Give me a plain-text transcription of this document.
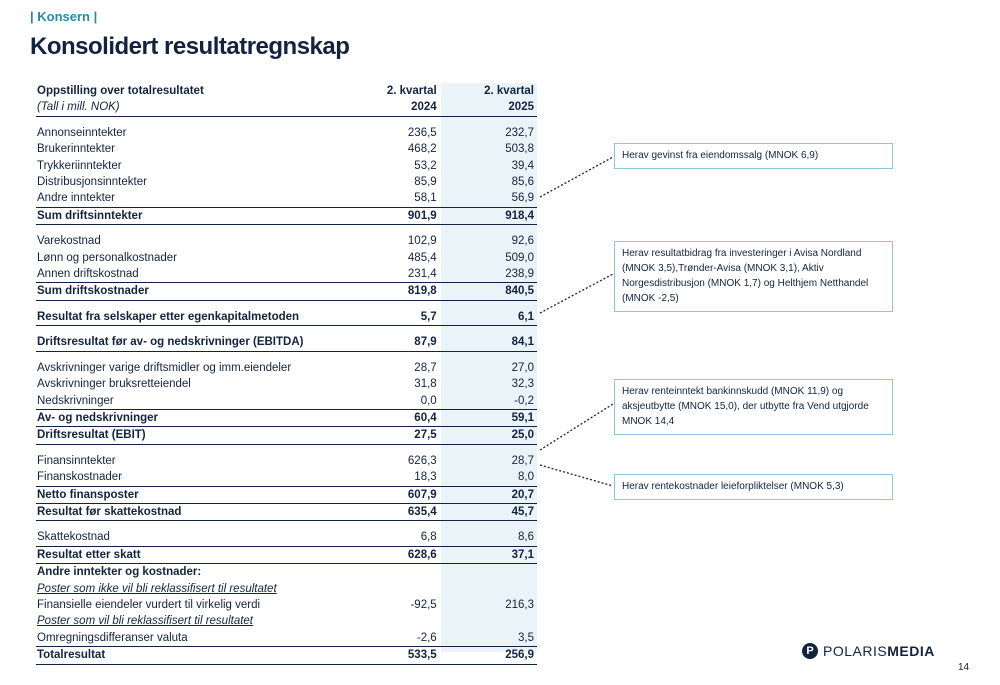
| Konsern |
Konsolidert resultatregnskap
Oppstilling over totalresultatet	2. kvartal	2. kvartal
(Tall i mill. NOK)	2024	2025

Annonseinntekter	236,5	232,7
Brukerinntekter	468,2	503,8
Trykkeriinntekter	53,2	39,4
Distribusjonsinntekter	85,9	85,6
Andre inntekter	58,1	56,9
Sum driftsinntekter	901,9	918,4

Varekostnad	102,9	92,6
Lønn og personalkostnader	485,4	509,0
Annen driftskostnad	231,4	238,9
Sum driftskostnader	819,8	840,5

Resultat fra selskaper etter egenkapitalmetoden	5,7	6,1

Driftsresultat før av- og nedskrivninger (EBITDA)	87,9	84,1

Avskrivninger varige driftsmidler og imm.eiendeler	28,7	27,0
Avskrivninger bruksretteiendel	31,8	32,3
Nedskrivninger	0,0	-0,2
Av- og nedskrivninger	60,4	59,1
Driftsresultat (EBIT)	27,5	25,0

Finansinntekter	626,3	28,7
Finanskostnader	18,3	8,0
Netto finansposter	607,9	20,7
Resultat før skattekostnad	635,4	45,7

Skattekostnad	6,8	8,6
Resultat etter skatt	628,6	37,1
Andre inntekter og kostnader:		
Poster som ikke vil bli reklassifisert til resultatet		
Finansielle eiendeler vurdert til virkelig verdi	-92,5	216,3
Poster som vil bli reklassifisert til resultatet		
Omregningsdifferanser valuta	-2,6	3,5
Totalresultat	533,5	256,9
Herav gevinst fra eiendomssalg (MNOK 6,9)
Herav resultatbidrag fra investeringer i Avisa Nordland (MNOK 3,5),Trønder-Avisa (MNOK 3,1), Aktiv Norgesdistribusjon (MNOK 1,7) og Helthjem Netthandel (MNOK -2,5)
Herav renteinntekt bankinnskudd (MNOK 11,9) og aksjeutbytte (MNOK 15,0), der utbytte fra Vend utgjorde MNOK 14,4
Herav rentekostnader leieforpliktelser (MNOK 5,3)
P POLARISMEDIA
14
